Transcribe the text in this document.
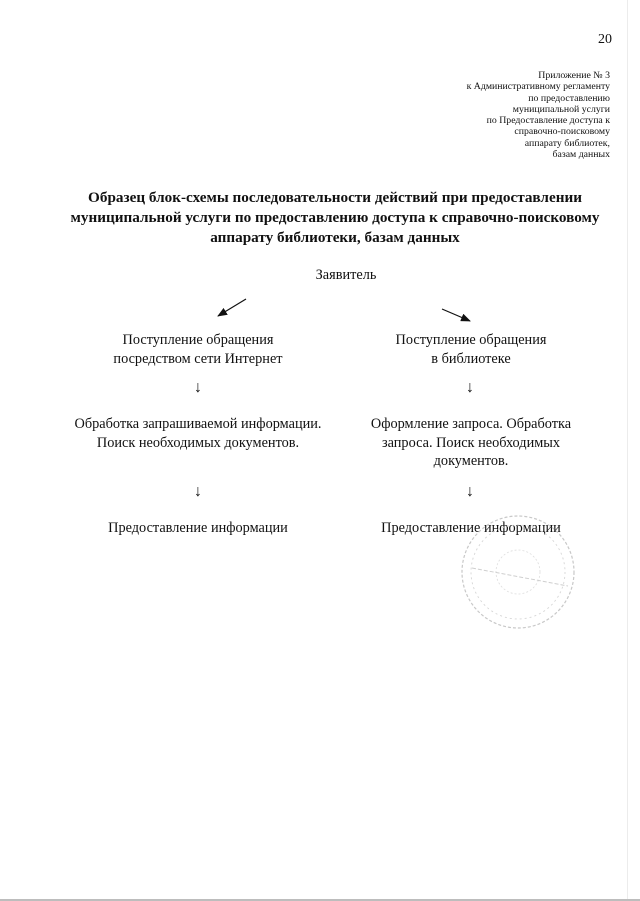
20
Приложение № 3
к Административному регламенту
по предоставлению
муниципальной услуги
по Предоставление доступа к
справочно-поисковому
аппарату библиотек,
базам данных
Образец блок-схемы последовательности действий при предоставлении
муниципальной услуги по предоставлению доступа к справочно-поисковому
аппарату библиотеки, базам данных
Заявитель
Поступление обращения
посредством сети Интернет
↓
Обработка запрашиваемой информации.
Поиск необходимых документов.
↓
Предоставление информации
Поступление обращения
в библиотеке
↓
Оформление запроса. Обработка
запроса. Поиск необходимых
документов.
↓
Предоставление информации
